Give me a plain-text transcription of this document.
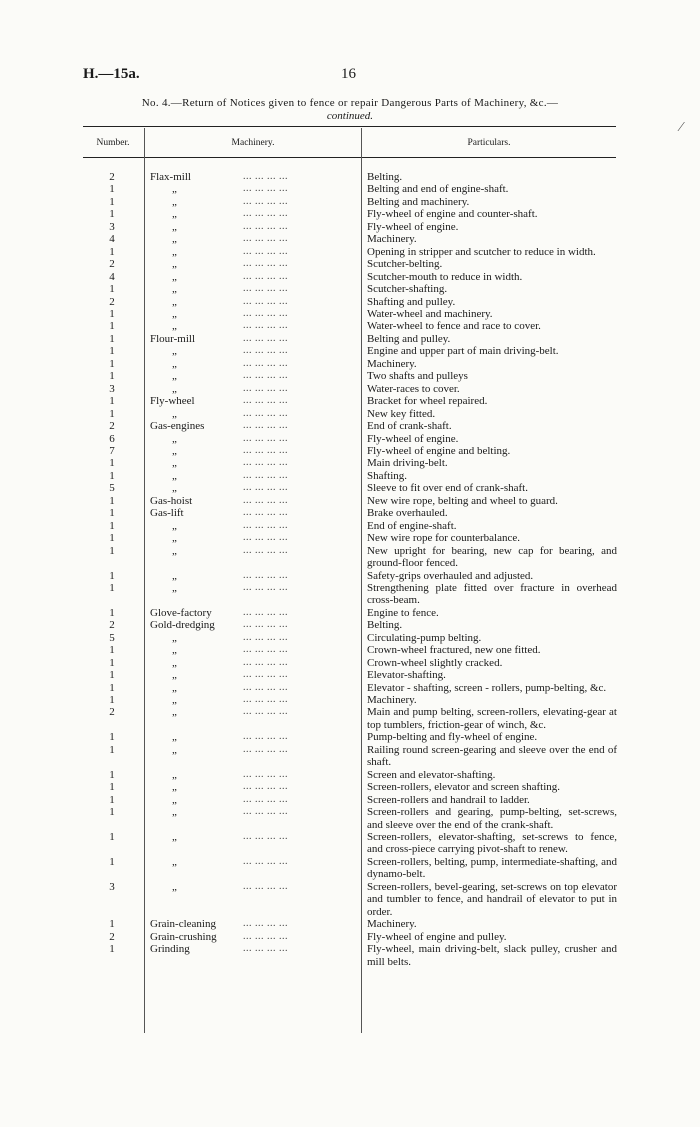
H.—15a.	16
No. 4.—Return of Notices given to fence or repair Dangerous Parts of Machinery, &c.—
continued.
Number.	Machinery.	Particulars.
⁄
2	Flax-mill	... ... ... ...	Belting.
1	„	... ... ... ...	Belting and end of engine-shaft.
1	„	... ... ... ...	Belting and machinery.
1	„	... ... ... ...	Fly-wheel of engine and counter-shaft.
3	„	... ... ... ...	Fly-wheel of engine.
4	„	... ... ... ...	Machinery.
1	„	... ... ... ...	Opening in stripper and scutcher to reduce in width.
2	„	... ... ... ...	Scutcher-belting.
4	„	... ... ... ...	Scutcher-mouth to reduce in width.
1	„	... ... ... ...	Scutcher-shafting.
2	„	... ... ... ...	Shafting and pulley.
1	„	... ... ... ...	Water-wheel and machinery.
1	„	... ... ... ...	Water-wheel to fence and race to cover.
1	Flour-mill	... ... ... ...	Belting and pulley.
1	„	... ... ... ...	Engine and upper part of main driving-belt.
1	„	... ... ... ...	Machinery.
1	„	... ... ... ...	Two shafts and pulleys
3	„	... ... ... ...	Water-races to cover.
1	Fly-wheel	... ... ... ...	Bracket for wheel repaired.
1	„	... ... ... ...	New key fitted.
2	Gas-engines	... ... ... ...	End of crank-shaft.
6	„	... ... ... ...	Fly-wheel of engine.
7	„	... ... ... ...	Fly-wheel of engine and belting.
1	„	... ... ... ...	Main driving-belt.
1	„	... ... ... ...	Shafting.
5	„	... ... ... ...	Sleeve to fit over end of crank-shaft.
1	Gas-hoist	... ... ... ...	New wire rope, belting and wheel to guard.
1	Gas-lift	... ... ... ...	Brake overhauled.
1	„	... ... ... ...	End of engine-shaft.
1	„	... ... ... ...	New wire rope for counterbalance.
1	„	... ... ... ...	New upright for bearing, new cap for bearing, and ground-floor fenced.
1	„	... ... ... ...	Safety-grips overhauled and adjusted.
1	„	... ... ... ...	Strengthening plate fitted over fracture in overhead cross-beam.
1	Glove-factory	... ... ... ...	Engine to fence.
2	Gold-dredging	... ... ... ...	Belting.
5	„	... ... ... ...	Circulating-pump belting.
1	„	... ... ... ...	Crown-wheel fractured, new one fitted.
1	„	... ... ... ...	Crown-wheel slightly cracked.
1	„	... ... ... ...	Elevator-shafting.
1	„	... ... ... ...	Elevator - shafting, screen - rollers, pump-belting, &c.
1	„	... ... ... ...	Machinery.
2	„	... ... ... ...	Main and pump belting, screen-rollers, elevating-gear at top tumblers, friction-gear of winch, &c.
1	„	... ... ... ...	Pump-belting and fly-wheel of engine.
1	„	... ... ... ...	Railing round screen-gearing and sleeve over the end of shaft.
1	„	... ... ... ...	Screen and elevator-shafting.
1	„	... ... ... ...	Screen-rollers, elevator and screen shafting.
1	„	... ... ... ...	Screen-rollers and handrail to ladder.
1	„	... ... ... ...	Screen-rollers and gearing, pump-belting, set-screws, and sleeve over the end of the crank-shaft.
1	„	... ... ... ...	Screen-rollers, elevator-shafting, set-screws to fence, and cross-piece carrying pivot-shaft to renew.
1	„	... ... ... ...	Screen-rollers, belting, pump, intermediate-shafting, and dynamo-belt.
3	„	... ... ... ...	Screen-rollers, bevel-gearing, set-screws on top elevator and tumbler to fence, and handrail of elevator to put in order.
1	Grain-cleaning	... ... ... ...	Machinery.
2	Grain-crushing	... ... ... ...	Fly-wheel of engine and pulley.
1	Grinding	... ... ... ...	Fly-wheel, main driving-belt, slack pulley, crusher and mill belts.
